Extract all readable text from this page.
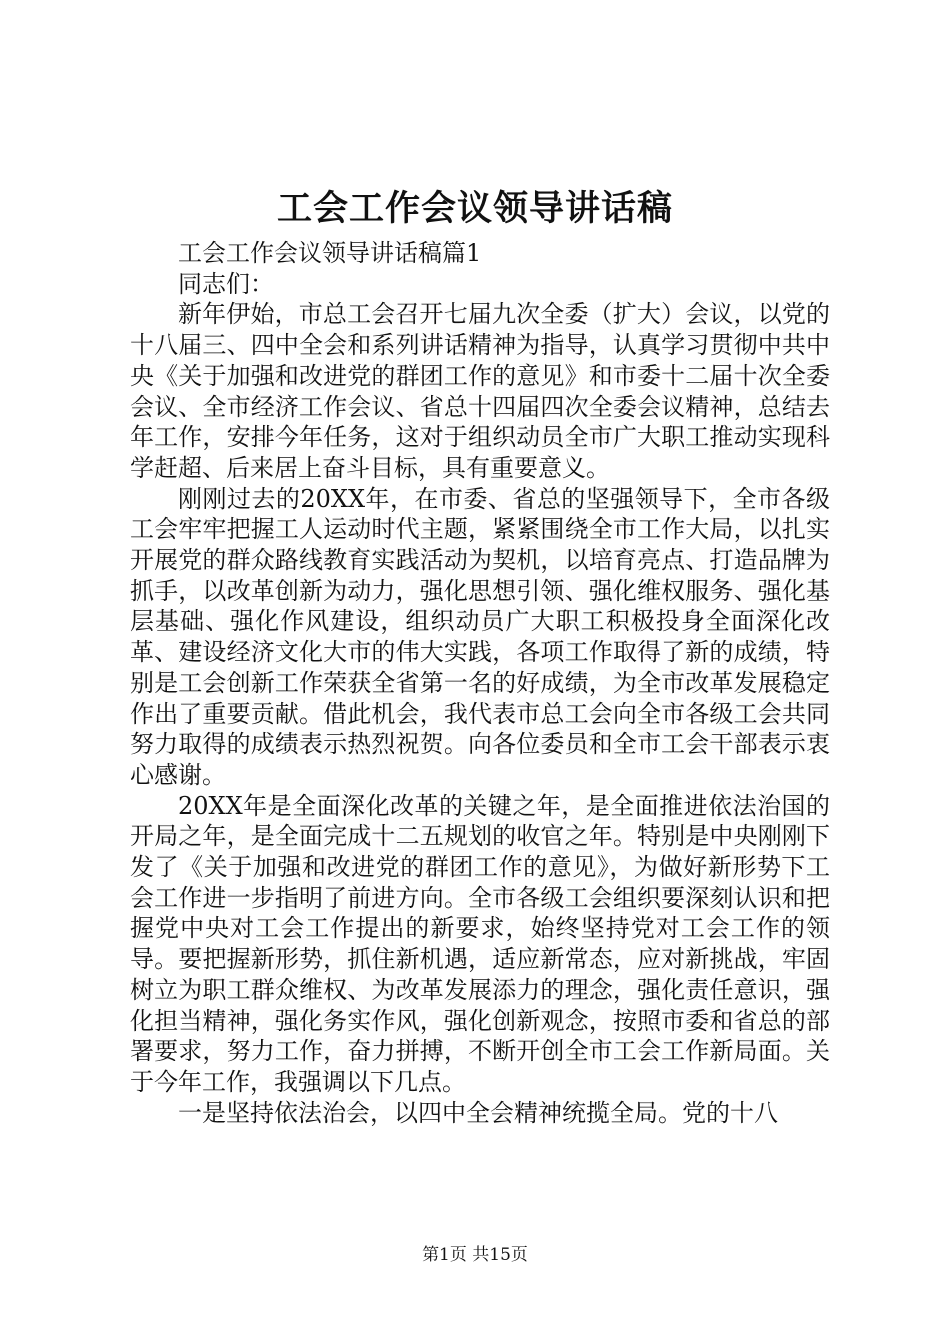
工会工作会议领导讲话稿

工会工作会议领导讲话稿篇1

同志们：

新年伊始，市总工会召开七届九次全委（扩大）会议，以党的十八届三、四中全会和系列讲话精神为指导，认真学习贯彻中共中央《关于加强和改进党的群团工作的意见》和市委十二届十次全委会议、全市经济工作会议、省总十四届四次全委会议精神，总结去年工作，安排今年任务，这对于组织动员全市广大职工推动实现科学赶超、后来居上奋斗目标，具有重要意义。

刚刚过去的20XX年，在市委、省总的坚强领导下，全市各级工会牢牢把握工人运动时代主题，紧紧围绕全市工作大局，以扎实开展党的群众路线教育实践活动为契机，以培育亮点、打造品牌为抓手，以改革创新为动力，强化思想引领、强化维权服务、强化基层基础、强化作风建设，组织动员广大职工积极投身全面深化改革、建设经济文化大市的伟大实践，各项工作取得了新的成绩，特别是工会创新工作荣获全省第一名的好成绩，为全市改革发展稳定作出了重要贡献。借此机会，我代表市总工会向全市各级工会共同努力取得的成绩表示热烈祝贺。向各位委员和全市工会干部表示衷心感谢。

20XX年是全面深化改革的关键之年，是全面推进依法治国的开局之年，是全面完成十二五规划的收官之年。特别是中央刚刚下发了《关于加强和改进党的群团工作的意见》，为做好新形势下工会工作进一步指明了前进方向。全市各级工会组织要深刻认识和把握党中央对工会工作提出的新要求，始终坚持党对工会工作的领导。要把握新形势，抓住新机遇，适应新常态，应对新挑战，牢固树立为职工群众维权、为改革发展添力的理念，强化责任意识，强化担当精神，强化务实作风，强化创新观念，按照市委和省总的部署要求，努力工作，奋力拼搏，不断开创全市工会工作新局面。关于今年工作，我强调以下几点。

一是坚持依法治会，以四中全会精神统揽全局。党的十八

第1页 共15页
